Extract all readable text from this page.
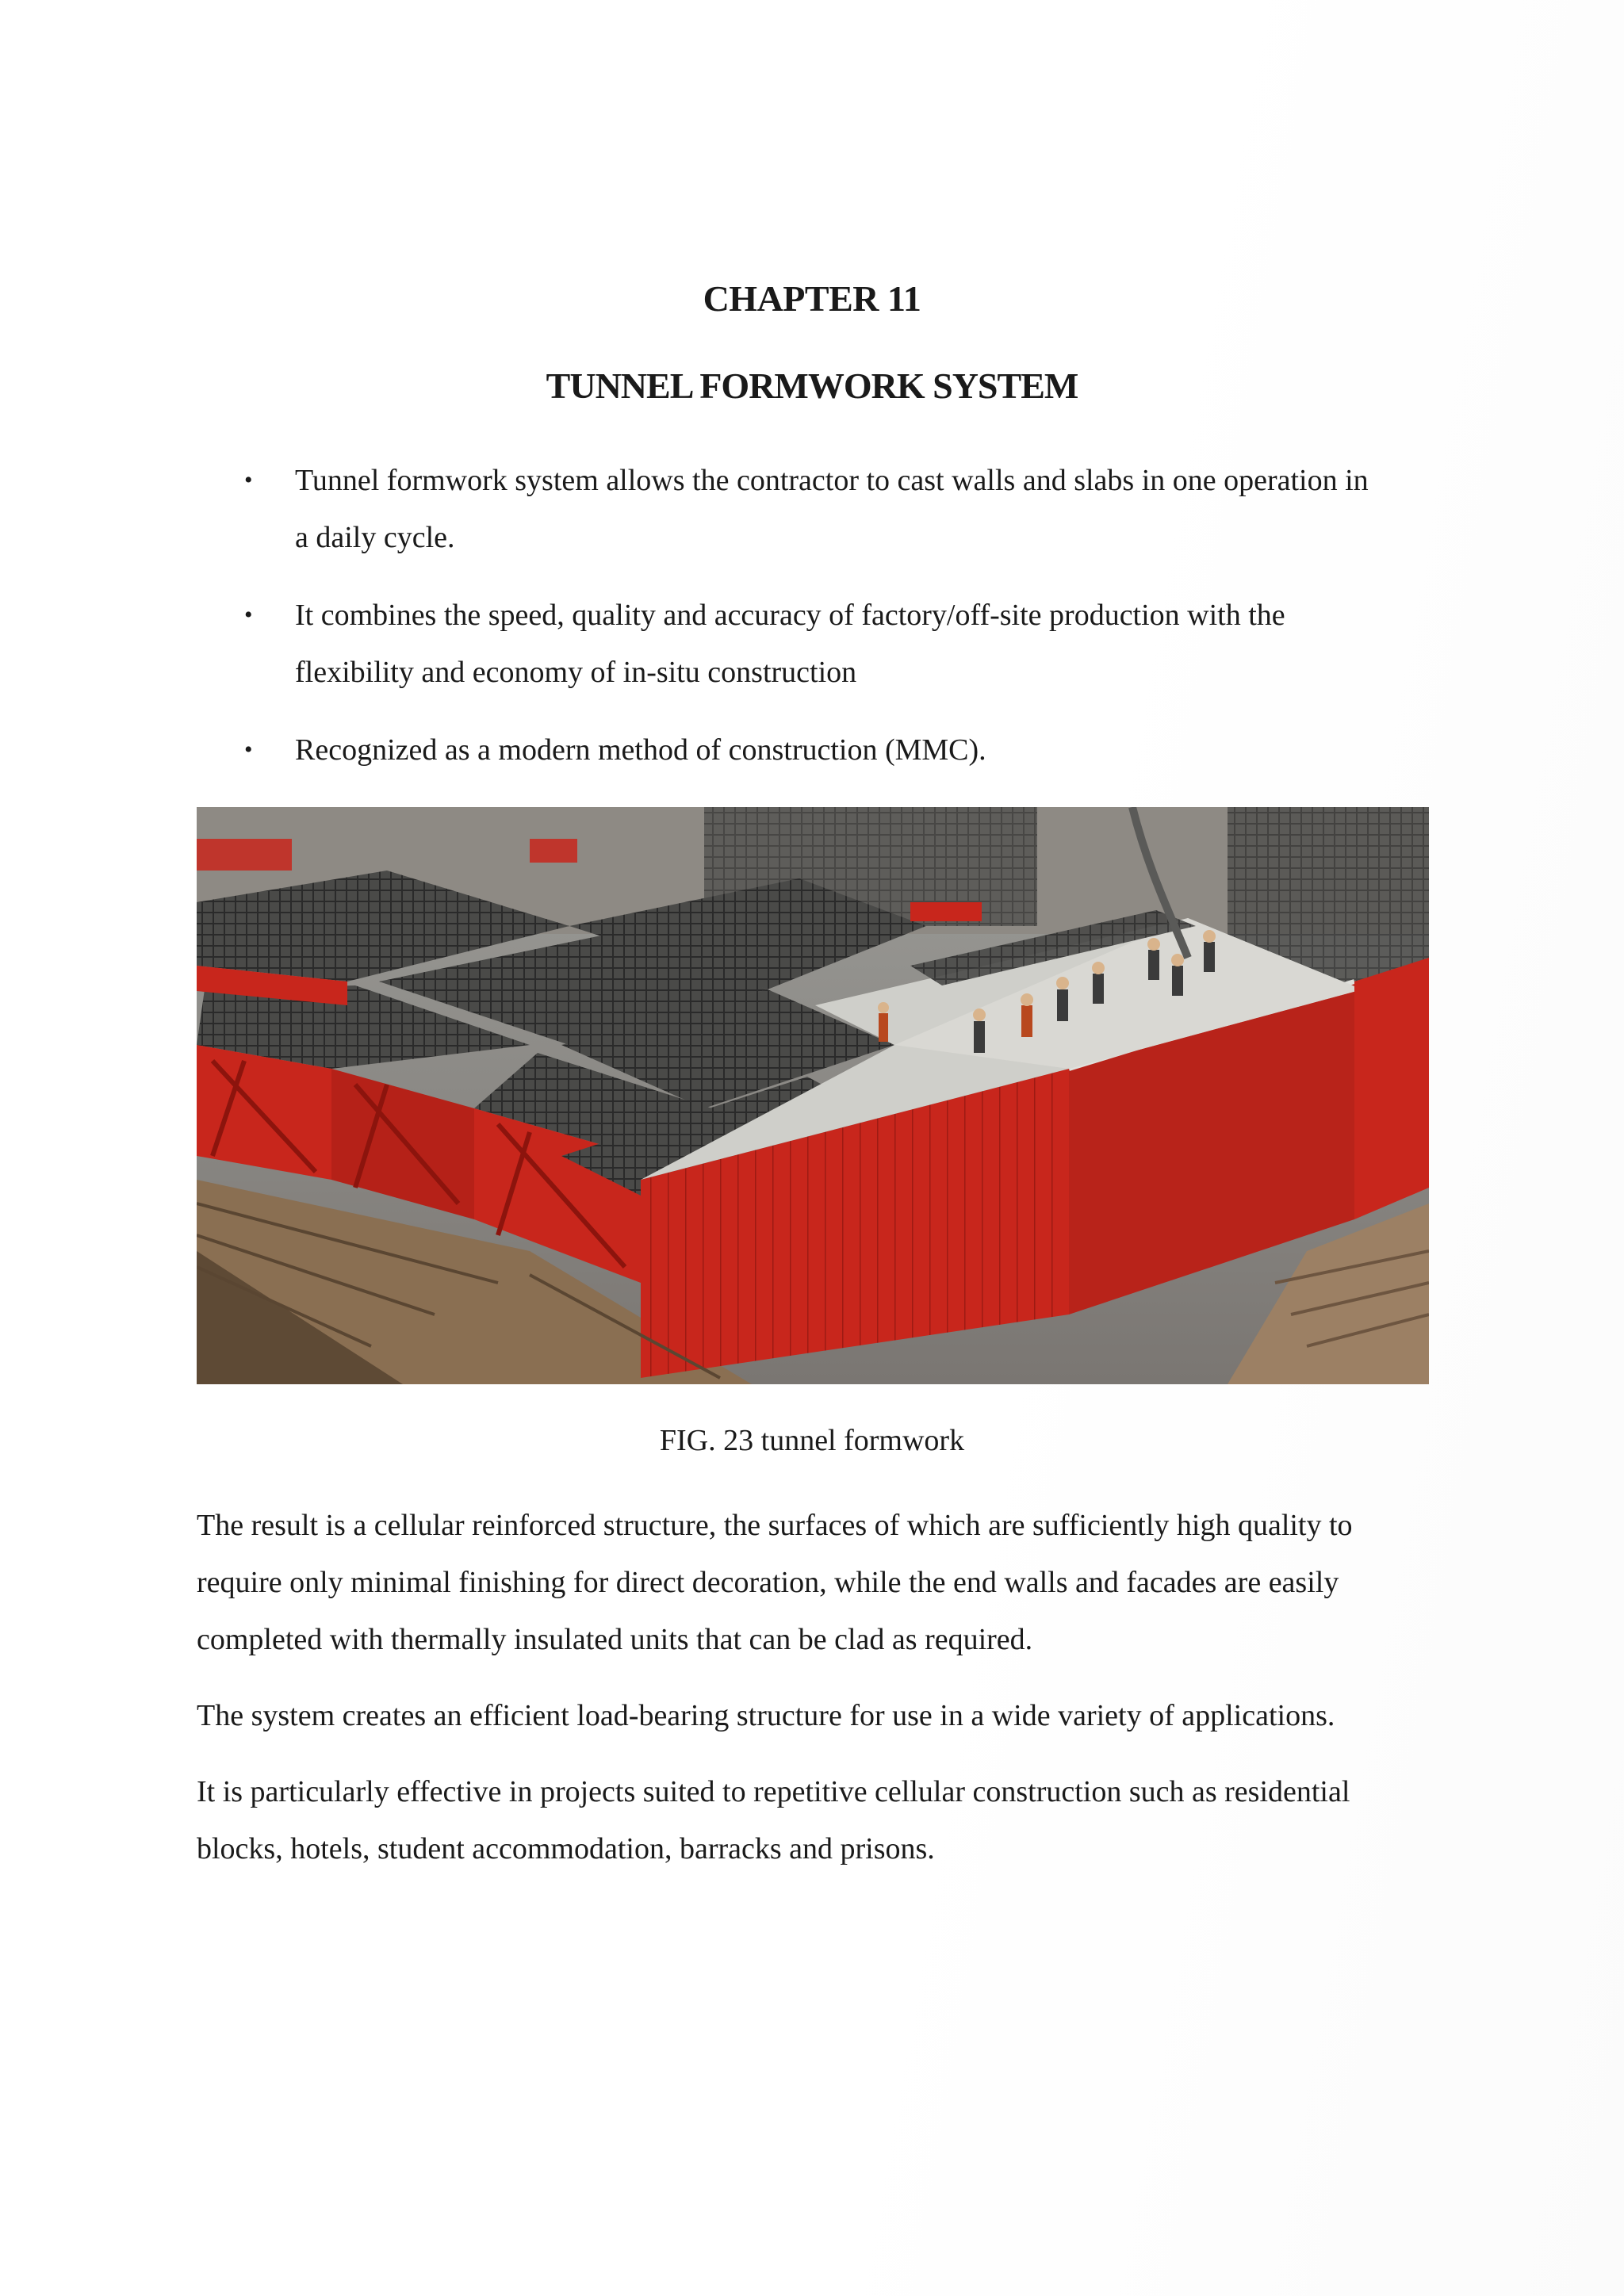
CHAPTER 11
TUNNEL FORMWORK SYSTEM
•	Tunnel formwork system allows the contractor to cast walls and slabs in one operation in a daily cycle.
•	It combines the speed, quality and accuracy of factory/off-site production with the flexibility and economy of in-situ construction
•	Recognized as a modern method of construction (MMC).
FIG. 23 tunnel formwork

The result is a cellular reinforced structure, the surfaces of which are sufficiently high quality to require only minimal finishing for direct decoration, while the end walls and facades are easily completed with thermally insulated units that can be clad as required.

The system creates an efficient load-bearing structure for use in a wide variety of applications.

It is particularly effective in projects suited to repetitive cellular construction such as residential blocks, hotels, student accommodation, barracks and prisons.
